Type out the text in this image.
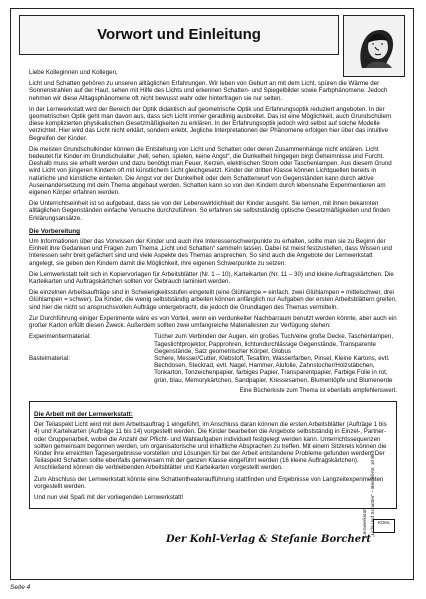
Vorwort und Einleitung

Liebe Kolleginnen und Kollegen,

Licht und Schatten gehören zu unseren alltäglichen Erfahrungen. Wir leben von Geburt an mit dem Licht, spüren die Wärme der Sonnenstrahlen auf der Haut, sehen mit Hilfe des Lichts und erkennen Schatten- und Spiegelbilder sowie Farbphänomene. Jedoch nehmen wir diese Alltagsphänomene oft nicht bewusst wahr oder hinterfragen sie nur selten.

In der Lernwerkstatt wird der Bereich der Optik didaktisch auf geometrische Optik und Erfahrungsoptik reduziert angeboten. In der geometrischen Optik geht man davon aus, dass sich Licht immer geradlinig ausbreitet. Das ist eine Möglichkeit, auch Grundschülern diese komplizierten physikalischen Gesetzmäßigkeiten zu erklären. In der Erfahrungsoptik jedoch wird selbst auf solche Modelle verzichtet. Hier wird das Licht nicht erklärt, sondern erlebt. Jegliche Interpretationen der Phänomene erfolgen hier über das intuitive Begreifen der Kinder.

Die meisten Grundschulkinder können die Entstehung von Licht und Schatten oder deren Zusammenhänge nicht erklären. Licht bedeutet für Kinder im Grundschulalter „hell, sehen, spielen, keine Angst“, die Dunkelheit hingegen birgt Geheimnisse und Furcht. Deshalb muss sie erhellt werden und dazu benötigt man Feuer, Kerzen, elektrischen Strom oder Taschenlampen. Aus diesem Grund wird Licht von jüngeren Kindern oft mit künstlichem Licht gleichgesetzt. Kinder der dritten Klasse können Lichtquellen bereits in natürliche und künstliche einteilen. Die Angst vor der Dunkelheit oder dem Schattenwurf von Gegenständen kann durch aktive Auseinandersetzung mit dem Thema abgebaut werden. Schatten kann so von den Kindern durch lebensnahe Experimentieren am eigenen Körper erfahren werden.

Die Unterrichtseinheit ist so aufgebaut, dass sie von der Lebenswirklichkeit der Kinder ausgeht. Sie lernen, mit ihnen bekannten alltäglichen Gegenständen einfache Versuche durchzuführen. So erfahren sie selbstständig optische Gesetzmäßigkeiten und finden Erklärungsansätze.

Die Vorbereitung

Um Informationen über das Vorwissen der Kinder und auch ihre Interessenschwerpunkte zu erhalten, sollte man sie zu Beginn der Einheit ihre Gedanken und Fragen zum Thema „Licht und Schatten“ sammeln lassen. Dabei ist meist festzustellen, dass Wissen und Interessen sehr breit gefächert sind und viele Aspekte des Themas ansprechen. So sind auch die Angebote der Lernwerkstatt angelegt, sie geben den Kindern damit die Möglichkeit, ihre eigenen Schwerpunkte zu setzen.

Die Lernwerkstatt teilt sich in Kopiervorlagen für Arbeitsblätter (Nr. 1 – 10), Karteikarten (Nr. 11 – 30) und kleine Auftragskärtchen. Die Karteikarten und Auftragskärtchen sollten vor Gebrauch laminiert werden.

Die einzelnen Arbeitsaufträge sind in Schwierigkeitsstufen eingeteilt (eine Glühlampe = einfach, zwei Glühlampen = mittelschwer, drei Glühlampen = schwer). Da Kinder, die wenig selbstständig arbeiten können anfänglich nur Aufgaben der ersten Arbeitsblättern greifen, sind hier die nicht so anspruchsvollen Aufträge untergebracht, die jedoch die Grundlagen des Themas vermitteln.

Zur Durchführung einiger Experimente wäre es von Vorteil, wenn ein verdunkelter Nachbarraum benutzt werden könnte, aber auch ein großer Karton erfüllt diesen Zweck. Außerdem sollten zwei umfangreiche Materialkisten zur Verfügung stehen:

Experimentiermaterial:	Tücher zum Verbinden der Augen, ein großes Tuch/eine große Decke, Taschenlampen, Tageslichtprojektor, Papprohren, lichtundurchlässige Gegenstände, Transparente Gegenstände, Satz geometrischer Körper, Globus
Bastelmaterial:	Schere, Messer/Cutter, Klebstoff, Tesafilm, Wasserfarben, Pinsel, Kleine Kartons, evtl. Bechdosen, Steckrad, evtl. Nagel, Hammer, Alufolie, Zahnstocher/Holzstäbchen, Tonkarton, Tonzeichenpapier, farbiges Papier, Transparentpapier, Farbige Folie in rot, grün, blau, Memorykärtchen, Sandpapier, Kressesamen, Blumentöpfe und Blumenerde

Eine Bücherkiste zum Thema ist ebenfalls empfehlenswert.

Die Arbeit mit der Lernwerkstatt:

Der Teilaspekt Licht wird mit dem Arbeitsauftrag 1 eingeführt, im Anschluss daran können die ersten Arbeitsblätter (Aufträge 1 bis 4) und Karteikarten (Aufträge 11 bis 14) vorgestellt werden. Die Kinder bearbeiten die Angebote selbstständig in Einzel-, Partner- oder Gruppenarbeit, wobei die Anzahl der Pflicht- und Wahlaufgaben individuell festgelegt werden kann. Unterrichtssequenzen sollten gemeinsam begonnen werden, um organisatorische und inhaltliche Absprachen zu treffen. Mit einem Sitzkreis können die Kinder ihre erreichten Tagesergebnisse vorstellen und Lösungen für bei der Arbeit entstandene Probleme gefunden werden. Der Teilaspekt Schatten sollte ebenfalls gemeinsam mit der ganzen Klasse eingeführt werden (16 kleine Auftragskärtchen). Anschließend können die verbleibenden Arbeitsblätter und Karteikarten vorgestellt werden.

Zum Abschluss der Lernwerkstatt könnte eine Schattentheateraufführung stattfinden und Ergebnisse von Langzeitexperimenten vorgestellt werden.

Und nun viel Spaß mit der vorliegenden Lernwerkstatt!

Der Kohl-Verlag & Stefanie Borchert
KOHL
Lernwerkstatt „Licht und Schatten“ – Bestell-Nr. 10 853
Seite 4
